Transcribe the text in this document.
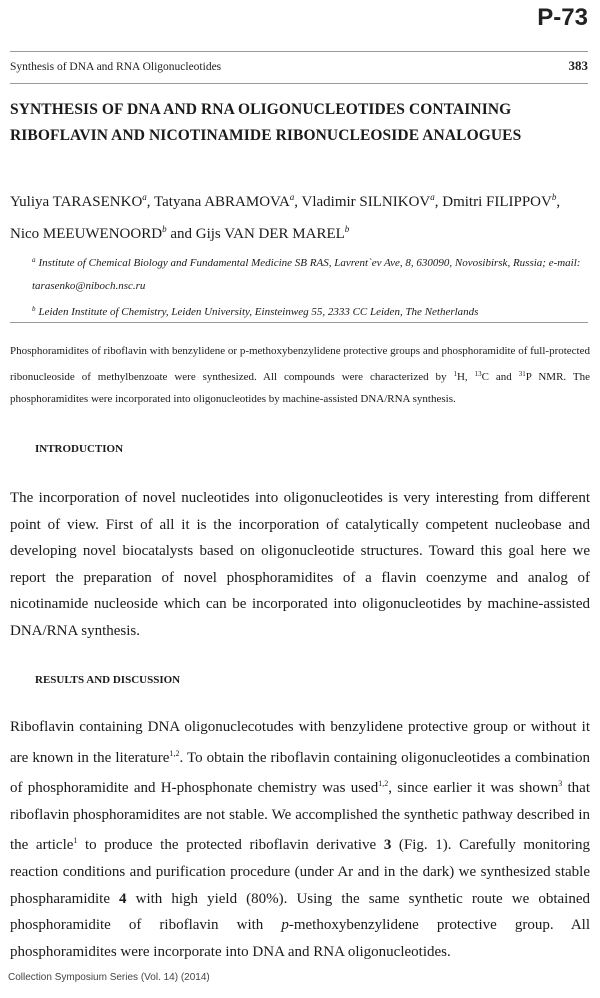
P-73
Synthesis of DNA and RNA Oligonucleotides	383
SYNTHESIS OF DNA AND RNA OLIGONUCLEOTIDES CONTAINING RIBOFLAVIN AND NICOTINAMIDE RIBONUCLEOSIDE ANALOGUES
Yuliya TARASENKO$^a$, Tatyana ABRAMOVA$^a$, Vladimir SILNIKOV$^a$, Dmitri FILIPPOV$^b$,
Nico MEEUWENOORD$^b$ and Gijs VAN DER MAREL$^b$
$^a$ Institute of Chemical Biology and Fundamental Medicine SB RAS, Lavrent`ev Ave, 8, 630090, Novosibirsk, Russia; e-mail: tarasenko@niboch.nsc.ru
$^b$ Leiden Institute of Chemistry, Leiden University, Einsteinweg 55, 2333 CC Leiden, The Netherlands

Phosphoramidites of riboflavin with benzylidene or p-methoxybenzylidene protective groups and phosphoramidite of full-protected ribonucleoside of methylbenzoate were synthesized. All compounds were characterized by $^1$H, $^{13}$C and $^{31}$P NMR. The phosphoramidites were incorporated into oligonucleotides by machine-assisted DNA/RNA synthesis.

INTRODUCTION

The incorporation of novel nucleotides into oligonucleotides is very interesting from different point of view. First of all it is the incorporation of catalytically competent nucleobase and developing novel biocatalysts based on oligonucleotide structures. Toward this goal here we report the preparation of novel phosphoramidites of a flavin coenzyme and analog of nicotinamide nucleoside which can be incorporated into oligonucleotides by machine-assisted DNA/RNA synthesis.

RESULTS AND DISCUSSION

Riboflavin containing DNA oligonuclecotudes with benzylidene protective group or without it are known in the literature$^{1,2}$. To obtain the riboflavin containing oligonucleotides a combination of phosphoramidite and H-phosphonate chemistry was used$^{1,2}$, since earlier it was shown$^3$ that riboflavin phosphoramidites are not stable. We accomplished the synthetic pathway described in the article$^1$ to produce the protected riboflavin derivative 3 (Fig. 1). Carefully monitoring reaction conditions and purification procedure (under Ar and in the dark) we synthesized stable phospharamidite 4 with high yield (80%). Using the same synthetic route we obtained phosphoramidite of riboflavin with p-methoxybenzylidene protective group. All phosphoramidites were incorporate into DNA and RNA oligonucleotides.

Collection Symposium Series (Vol. 14) (2014)
